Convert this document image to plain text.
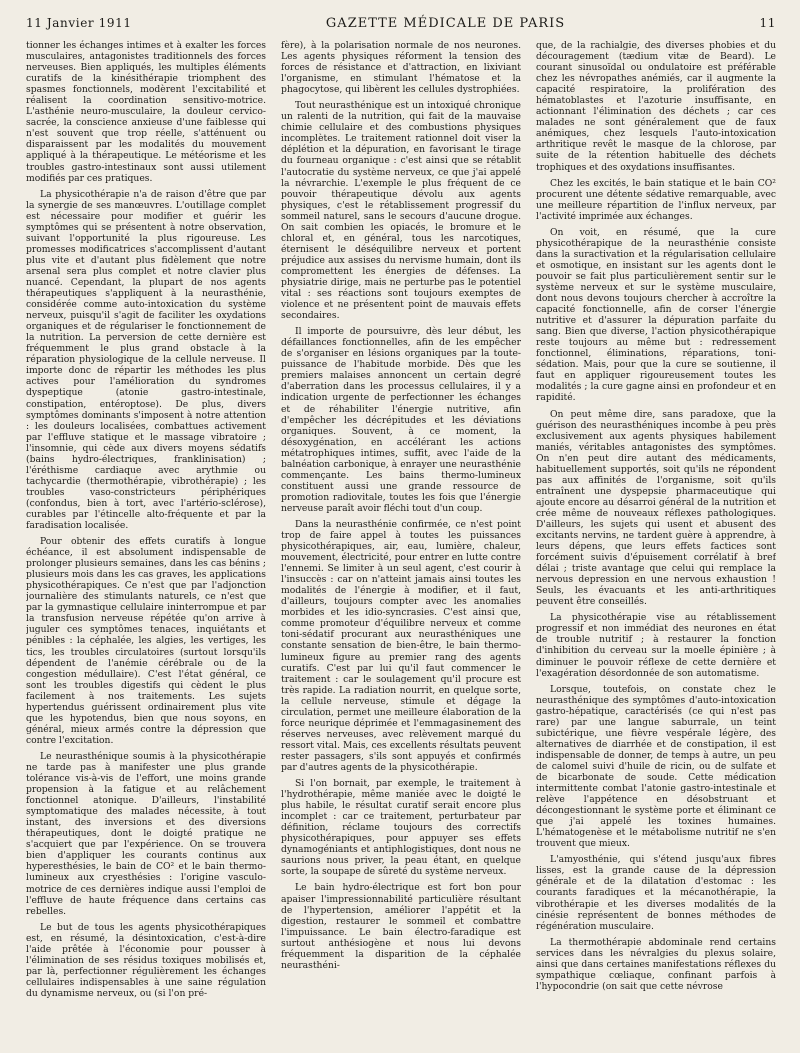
11 Janvier 1911	GAZETTE MÉDICALE DE PARIS	11

tionner les échanges intimes et à exalter les forces musculaires, antagonistes traditionnels des forces nerveuses. Bien appliqués, les multiples éléments curatifs de la kinésithérapie triomphent des spasmes fonctionnels, modèrent l'excitabilité et réalisent la coordination sensitivo-motrice. L'asthénie neuro-musculaire, la douleur cervico-sacrée, la conscience anxieuse d'une faiblesse qui n'est souvent que trop réelle, s'atténuent ou disparaissent par les modalités du mouvement appliqué à la thérapeutique. Le météorisme et les troubles gastro-intestinaux sont aussi utilement modifiés par ces pratiques.

La physicothérapie n'a de raison d'être que par la synergie de ses manœuvres. L'outillage complet est nécessaire pour modifier et guérir les symptômes qui se présentent à notre observation, suivant l'opportunité la plus rigoureuse. Les promesses modificatrices s'accomplissent d'autant plus vite et d'autant plus fidèlement que notre arsenal sera plus complet et notre clavier plus nuancé. Cependant, la plupart de nos agents thérapeutiques s'appliquent à la neurasthénie, considérée comme auto-intoxication du système nerveux, puisqu'il s'agit de faciliter les oxydations organiques et de régulariser le fonctionnement de la nutrition. La perversion de cette dernière est fréquemment le plus grand obstacle à la réparation physiologique de la cellule nerveuse. Il importe donc de répartir les méthodes les plus actives pour l'amélioration du syndromes dyspeptique (atonie gastro-intestinale, constipation, entéroptose). De plus, divers symptômes dominants s'imposent à notre attention : les douleurs localisées, combattues activement par l'effluve statique et le massage vibratoire ; l'insomnie, qui cède aux divers moyens sédatifs (bains hydro-électriques, franklinisation) ; l'éréthisme cardiaque avec arythmie ou tachycardie (thermothérapie, vibrothérapie) ; les troubles vaso-constricteurs périphériques (confondus, bien à tort, avec l'artério-sclérose), curables par l'étincelle alto-fréquente et par la faradisation localisée.

Pour obtenir des effets curatifs à longue échéance, il est absolument indispensable de prolonger plusieurs semaines, dans les cas bénins ; plusieurs mois dans les cas graves, les applications physicothérapiques. Ce n'est que par l'adjonction journalière des stimulants naturels, ce n'est que par la gymnastique cellulaire ininterrompue et par la transfusion nerveuse répétée qu'on arrive à juguler ces symptômes tenaces, inquiétants et pénibles : la céphalée, les algies, les vertiges, les tics, les troubles circulatoires (surtout lorsqu'ils dépendent de l'anémie cérébrale ou de la congestion médullaire). C'est l'état général, ce sont les troubles digestifs qui cèdent le plus facilement à nos traitements. Les sujets hypertendus guérissent ordinairement plus vite que les hypotendus, bien que nous soyons, en général, mieux armés contre la dépression que contre l'excitation.

Le neurasthénique soumis à la physicothérapie ne tarde pas à manifester une plus grande tolérance vis-à-vis de l'effort, une moins grande propension à la fatigue et au relâchement fonctionnel atonique. D'ailleurs, l'instabilité symptomatique des malades nécessite, à tout instant, des inversions et des diversions thérapeutiques, dont le doigté pratique ne s'acquiert que par l'expérience. On se trouvera bien d'appliquer les courants continus aux hyperesthésies, le bain de CO² et le bain thermo-lumineux aux cryesthésies : l'origine vasculo-motrice de ces dernières indique aussi l'emploi de l'effluve de haute fréquence dans certains cas rebelles.

Le but de tous les agents physicothérapiques est, en résumé, la désintoxication, c'est-à-dire l'aide prêtée à l'économie pour pousser à l'élimination de ses résidus toxiques mobilisés et, par là, perfectionner régulièrement les échanges cellulaires indispensables à une saine régulation du dynamisme nerveux, ou (si l'on pré-

fère), à la polarisation normale de nos neurones. Les agents physiques réforment la tension des forces de résistance et d'attraction, en lixiviant l'organisme, en stimulant l'hématose et la phagocytose, qui libèrent les cellules dystrophiées.

Tout neurasthénique est un intoxiqué chronique un ralenti de la nutrition, qui fait de la mauvaise chimie cellulaire et des combustions physiques incomplètes. Le traitement rationnel doit viser la déplétion et la dépuration, en favorisant le tirage du fourneau organique : c'est ainsi que se rétablit l'autocratie du système nerveux, ce que j'ai appelé la névrarchie. L'exemple le plus fréquent de ce pouvoir thérapeutique dévolu aux agents physiques, c'est le rétablissement progressif du sommeil naturel, sans le secours d'aucune drogue. On sait combien les opiacés, le bromure et le chloral et, en général, tous les narcotiques, éternisent le déséquilibre nerveux et portent préjudice aux assises du nervisme humain, dont ils compromettent les énergies de défenses. La physiatrie dirige, mais ne perturbe pas le potentiel vital : ses réactions sont toujours exemptes de violence et ne présentent point de mauvais effets secondaires.

Il importe de poursuivre, dès leur début, les défaillances fonctionnelles, afin de les empêcher de s'organiser en lésions organiques par la toute-puissance de l'habitude morbide. Dès que les premiers malaises annoncent un certain degré d'aberration dans les processus cellulaires, il y a indication urgente de perfectionner les échanges et de réhabiliter l'énergie nutritive, afin d'empêcher les décrépitudes et les déviations organiques. Souvent, à ce moment, la désoxygénation, en accélérant les actions métatrophiques intimes, suffit, avec l'aide de la balnéation carbonique, à enrayer une neurasthénie commençante. Les bains thermo-lumineux constituent aussi une grande ressource de promotion radiovitale, toutes les fois que l'énergie nerveuse paraît avoir fléchi tout d'un coup.

Dans la neurasthénie confirmée, ce n'est point trop de faire appel à toutes les puissances physicothérapiques, air, eau, lumière, chaleur, mouvement, électricité, pour entrer en lutte contre l'ennemi. Se limiter à un seul agent, c'est courir à l'insuccès : car on n'atteint jamais ainsi toutes les modalités de l'énergie à modifier, et il faut, d'ailleurs, toujours compter avec les anomalies morbides et les idio-syncrasies. C'est ainsi que, comme promoteur d'équilibre nerveux et comme toni-sédatif procurant aux neurasthéniques une constante sensation de bien-être, le bain thermo-lumineux figure au premier rang des agents curatifs. C'est par lui qu'il faut commencer le traitement : car le soulagement qu'il procure est très rapide. La radiation nourrit, en quelque sorte, la cellule nerveuse, stimule et dégage la circulation, permet une meilleure élaboration de la force neurique déprimée et l'emmagasinement des réserves nerveuses, avec relèvement marqué du ressort vital. Mais, ces excellents résultats peuvent rester passagers, s'ils sont appuyés et confirmés par d'autres agents de la physicothérapie.

Si l'on bornait, par exemple, le traitement à l'hydrothérapie, même maniée avec le doigté le plus habile, le résultat curatif serait encore plus incomplet : car ce traitement, perturbateur par définition, réclame toujours des correctifs physicothérapiques, pour appuyer ses effets dynamogéniants et antiphlogistiques, dont nous ne saurions nous priver, la peau étant, en quelque sorte, la soupape de sûreté du système nerveux.

Le bain hydro-électrique est fort bon pour apaiser l'impressionnabilité particulière résultant de l'hypertension, améliorer l'appétit et la digestion, restaurer le sommeil et combattre l'impuissance. Le bain électro-faradique est surtout anthésiogène et nous lui devons fréquemment la disparition de la céphalée neurasthéni-

que, de la rachialgie, des diverses phobies et du découragement (tædium vitæ de Beard). Le courant sinusoïdal ou ondulatoire est préférable chez les névropathes anémiés, car il augmente la capacité respiratoire, la prolifération des hématoblastes et l'azoturie insuffisante, en actionnant l'élimination des déchets ; car ces malades ne sont généralement que de faux anémiques, chez lesquels l'auto-intoxication arthritique revêt le masque de la chlorose, par suite de la rétention habituelle des déchets trophiques et des oxydations insuffisantes.

Chez les excités, le bain statique et le bain CO² procurent une détente sédative remarquable, avec une meilleure répartition de l'influx nerveux, par l'activité imprimée aux échanges.

On voit, en résumé, que la cure physicothérapique de la neurasthénie consiste dans la suractivation et la régularisation cellulaire et osmotique, en insistant sur les agents dont le pouvoir se fait plus particulièrement sentir sur le système nerveux et sur le système musculaire, dont nous devons toujours chercher à accroître la capacité fonctionnelle, afin de corser l'énergie nutritive et d'assurer la dépuration parfaite du sang. Bien que diverse, l'action physicothérapique reste toujours au même but : redressement fonctionnel, éliminations, réparations, toni-sédation. Mais, pour que la cure se soutienne, il faut en appliquer rigoureusement toutes les modalités ; la cure gagne ainsi en profondeur et en rapidité.

On peut même dire, sans paradoxe, que la guérison des neurasthéniques incombe à peu près exclusivement aux agents physiques habilement maniés, véritables antagonistes des symptômes. On n'en peut dire autant des médicaments, habituellement supportés, soit qu'ils ne répondent pas aux affinités de l'organisme, soit qu'ils entraînent une dyspepsie pharmaceutique qui ajoute encore au désarroi général de la nutrition et crée même de nouveaux réflexes pathologiques. D'ailleurs, les sujets qui usent et abusent des excitants nervins, ne tardent guère à apprendre, à leurs dépens, que leurs effets factices sont forcément suivis d'épuisement corrélatif à bref délai ; triste avantage que celui qui remplace la nervous depression en une nervous exhaustion ! Seuls, les évacuants et les anti-arthritiques peuvent être conseillés.

La physicothérapie vise au rétablissement progressif et non immédiat des neurones en état de trouble nutritif ; à restaurer la fonction d'inhibition du cerveau sur la moelle épinière ; à diminuer le pouvoir réflexe de cette dernière et l'exagération désordonnée de son automatisme.

Lorsque, toutefois, on constate chez le neurasthénique des symptômes d'auto-intoxication gastro-hépatique, caractérisés (ce qui n'est pas rare) par une langue saburrale, un teint subictérique, une fièvre vespérale légère, des alternatives de diarrhée et de constipation, il est indispensable de donner, de temps à autre, un peu de calomel suivi d'huile de ricin, ou de sulfate et de bicarbonate de soude. Cette médication intermittente combat l'atonie gastro-intestinale et relève l'appétence en désobstruant et décongestionnant le système porte et éliminant ce que j'ai appelé les toxines humaines. L'hématogenèse et le métabolisme nutritif ne s'en trouvent que mieux.

L'amyosthénie, qui s'étend jusqu'aux fibres lisses, est la grande cause de la dépression générale et de la dilatation d'estomac : les courants faradiques et la mécanothérapie, la vibrothérapie et les diverses modalités de la cinésie représentent de bonnes méthodes de régénération musculaire.

La thermothérapie abdominale rend certains services dans les névralgies du plexus solaire, ainsi que dans certaines manifestations réflexes du sympathique cœliaque, confinant parfois à l'hypocondrie (on sait que cette névrose
